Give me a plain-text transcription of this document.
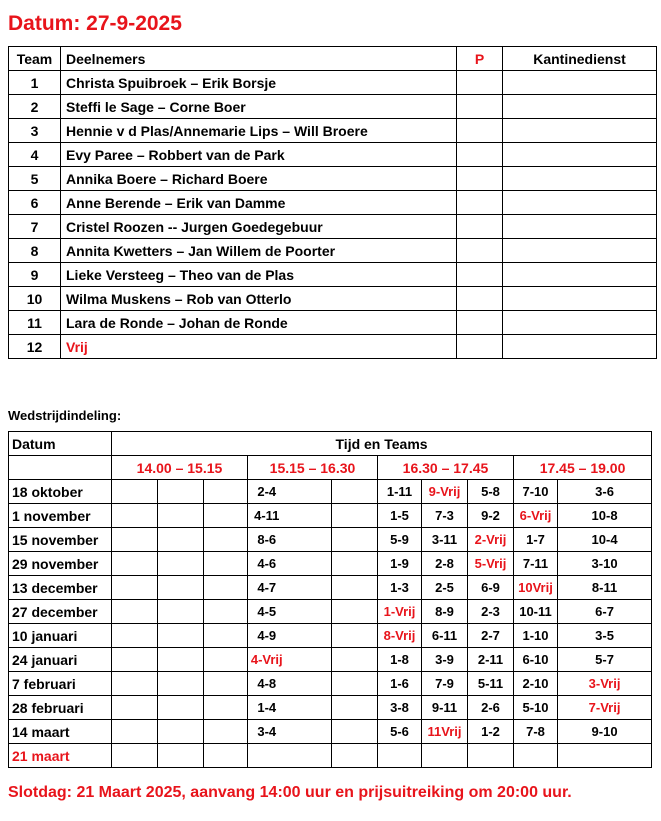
Datum: 27-9-2025
Team	Deelnemers	P	Kantinedienst
1	Christa Spuibroek – Erik Borsje		
2	Steffi le Sage – Corne Boer		
3	Hennie v d Plas/Annemarie Lips – Will Broere		
4	Evy Paree – Robbert van de Park		
5	Annika Boere – Richard Boere		
6	Anne Berende – Erik van Damme		
7	Cristel Roozen -- Jurgen Goedegebuur		
8	Annita Kwetters – Jan Willem de Poorter		
9	Lieke Versteeg – Theo van de Plas		
10	Wilma Muskens – Rob van Otterlo		
11	Lara de Ronde – Johan de Ronde		
12	Vrij		
Wedstrijdindeling:
Datum	Tijd en Teams										
	14.00 – 15.15			15.15 – 16.30			16.30 – 17.45			17.45 – 19.00	
18 oktober				2-4			1-11	9-Vrij	5-8	7-10	3-6
1 november				4-11			1-5	7-3	9-2	6-Vrij	10-8
15 november				8-6			5-9	3-11	2-Vrij	1-7	10-4
29 november				4-6			1-9	2-8	5-Vrij	7-11	3-10
13 december				4-7			1-3	2-5	6-9	10Vrij	8-11
27 december				4-5			1-Vrij	8-9	2-3	10-11	6-7
10 januari				4-9			8-Vrij	6-11	2-7	1-10	3-5
24 januari				4-Vrij			1-8	3-9	2-11	6-10	5-7
7 februari				4-8			1-6	7-9	5-11	2-10	3-Vrij
28 februari				1-4			3-8	9-11	2-6	5-10	7-Vrij
14 maart				3-4			5-6	11Vrij	1-2	7-8	9-10
21 maart											
Slotdag: 21 Maart 2025, aanvang 14:00 uur en prijsuitreiking om 20:00 uur.
